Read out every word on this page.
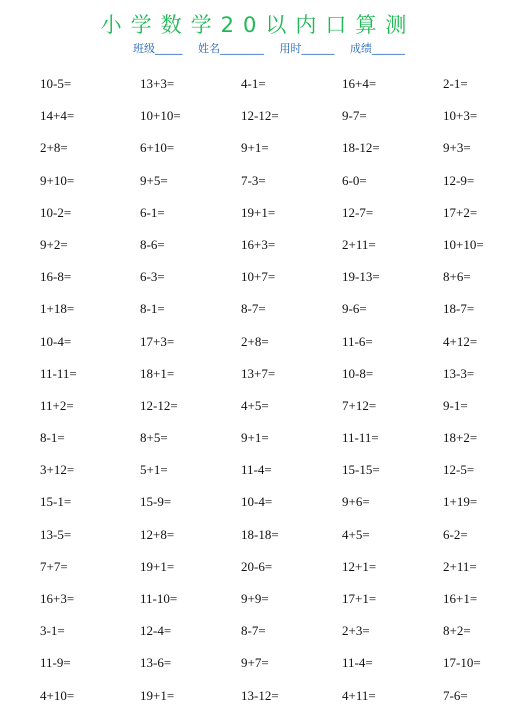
小学数学20以内口算测
班级_____ 姓名________ 用时______ 成绩______
10-5=	13+3=	4-1=	16+4=	2-1=
14+4=	10+10=	12-12=	9-7=	10+3=
2+8=	6+10=	9+1=	18-12=	9+3=
9+10=	9+5=	7-3=	6-0=	12-9=
10-2=	6-1=	19+1=	12-7=	17+2=
9+2=	8-6=	16+3=	2+11=	10+10=
16-8=	6-3=	10+7=	19-13=	8+6=
1+18=	8-1=	8-7=	9-6=	18-7=
10-4=	17+3=	2+8=	11-6=	4+12=
11-11=	18+1=	13+7=	10-8=	13-3=
11+2=	12-12=	4+5=	7+12=	9-1=
8-1=	8+5=	9+1=	11-11=	18+2=
3+12=	5+1=	11-4=	15-15=	12-5=
15-1=	15-9=	10-4=	9+6=	1+19=
13-5=	12+8=	18-18=	4+5=	6-2=
7+7=	19+1=	20-6=	12+1=	2+11=
16+3=	11-10=	9+9=	17+1=	16+1=
3-1=	12-4=	8-7=	2+3=	8+2=
11-9=	13-6=	9+7=	11-4=	17-10=
4+10=	19+1=	13-12=	4+11=	7-6=
